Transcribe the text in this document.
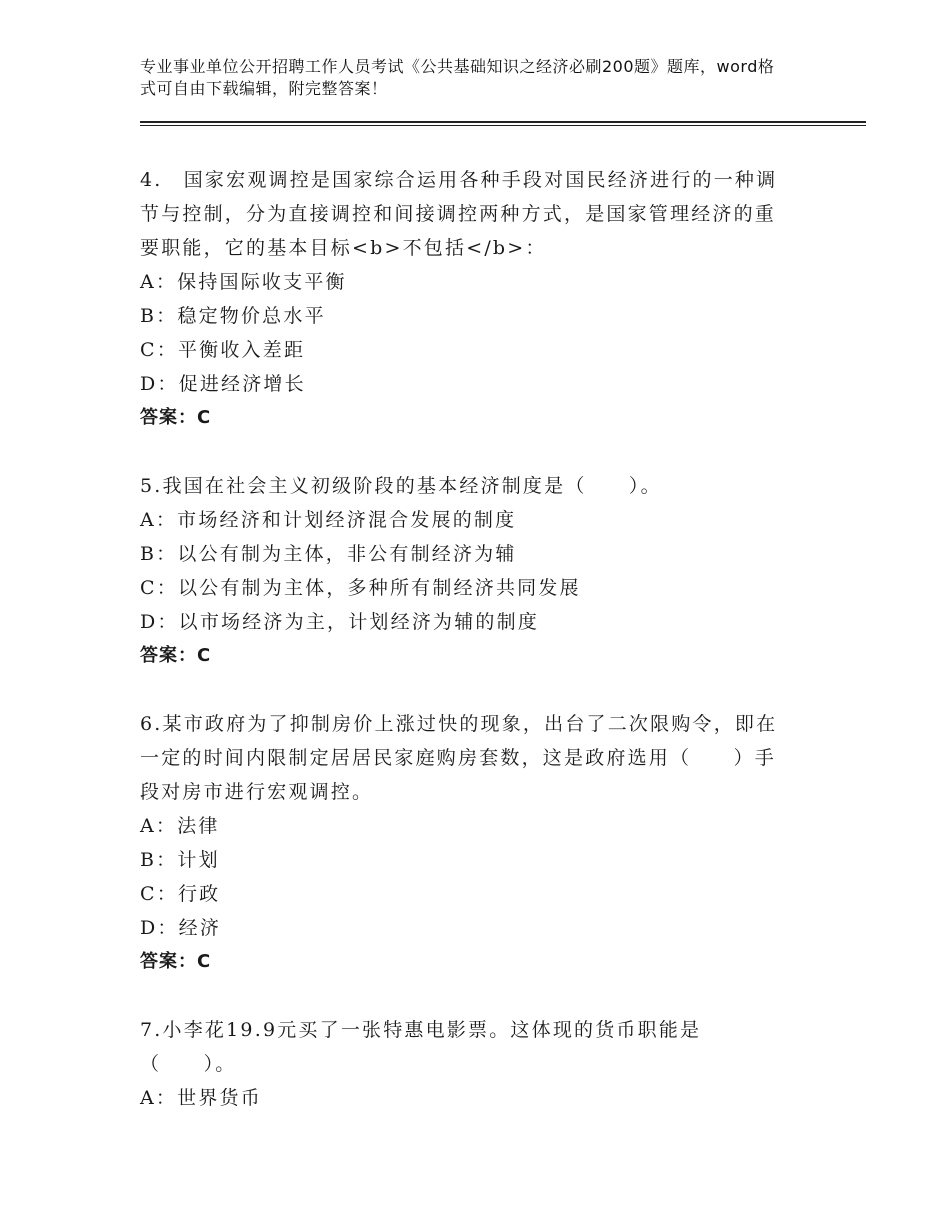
专业事业单位公开招聘工作人员考试《公共基础知识之经济必刷200题》题库，word格式可自由下载编辑，附完整答案！

4.　国家宏观调控是国家综合运用各种手段对国民经济进行的一种调节与控制，分为直接调控和间接调控两种方式，是国家管理经济的重要职能，它的基本目标<b>不包括</b>：

A：保持国际收支平衡

B：稳定物价总水平

C：平衡收入差距

D：促进经济增长

答案：C

5.我国在社会主义初级阶段的基本经济制度是（　　）。

A：市场经济和计划经济混合发展的制度

B：以公有制为主体，非公有制经济为辅

C：以公有制为主体，多种所有制经济共同发展

D：以市场经济为主，计划经济为辅的制度

答案：C

6.某市政府为了抑制房价上涨过快的现象，出台了二次限购令，即在一定的时间内限制定居居民家庭购房套数，这是政府选用（　　）手段对房市进行宏观调控。

A：法律

B：计划

C：行政

D：经济

答案：C

7.小李花19.9元买了一张特惠电影票。这体现的货币职能是（　　）。

A：世界货币
